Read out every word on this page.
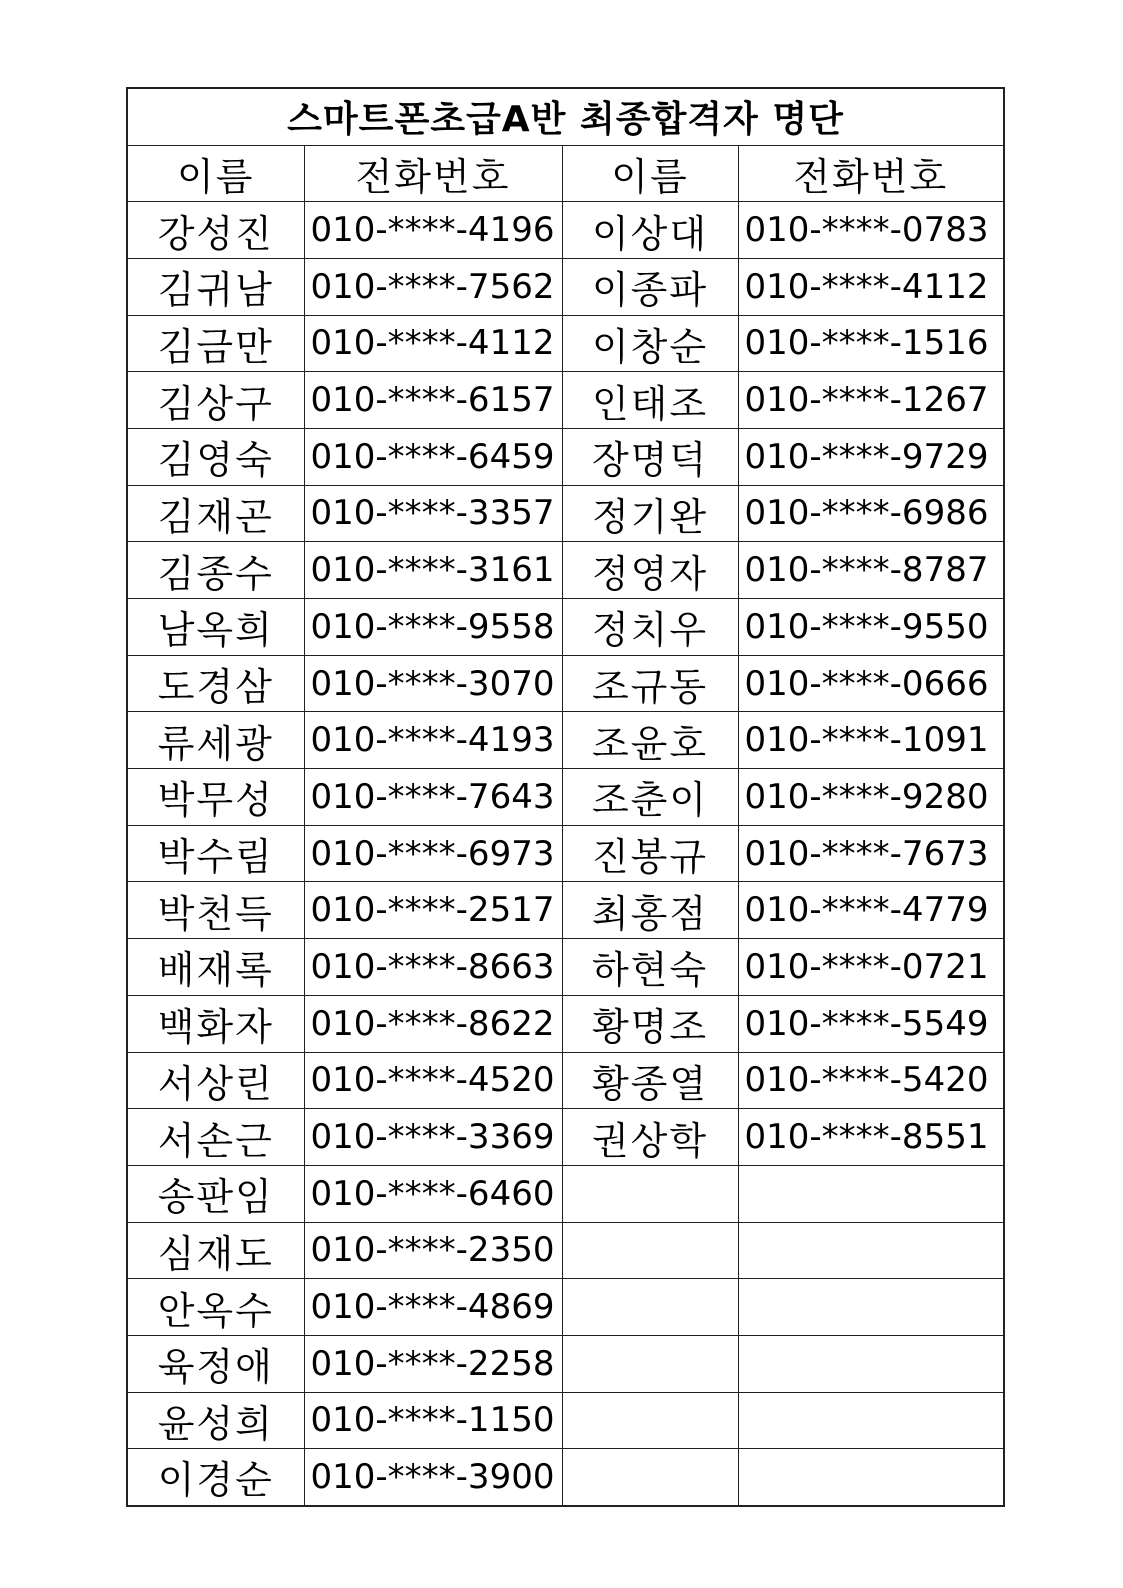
스마트폰초급A반 최종합격자 명단			
이름	전화번호	이름	전화번호
강성진	010-****-4196	이상대	010-****-0783
김귀남	010-****-7562	이종파	010-****-4112
김금만	010-****-4112	이창순	010-****-1516
김상구	010-****-6157	인태조	010-****-1267
김영숙	010-****-6459	장명덕	010-****-9729
김재곤	010-****-3357	정기완	010-****-6986
김종수	010-****-3161	정영자	010-****-8787
남옥희	010-****-9558	정치우	010-****-9550
도경삼	010-****-3070	조규동	010-****-0666
류세광	010-****-4193	조윤호	010-****-1091
박무성	010-****-7643	조춘이	010-****-9280
박수림	010-****-6973	진봉규	010-****-7673
박천득	010-****-2517	최홍점	010-****-4779
배재록	010-****-8663	하현숙	010-****-0721
백화자	010-****-8622	황명조	010-****-5549
서상린	010-****-4520	황종열	010-****-5420
서손근	010-****-3369	권상학	010-****-8551
송판임	010-****-6460		
심재도	010-****-2350		
안옥수	010-****-4869		
육정애	010-****-2258		
윤성희	010-****-1150		
이경순	010-****-3900		
